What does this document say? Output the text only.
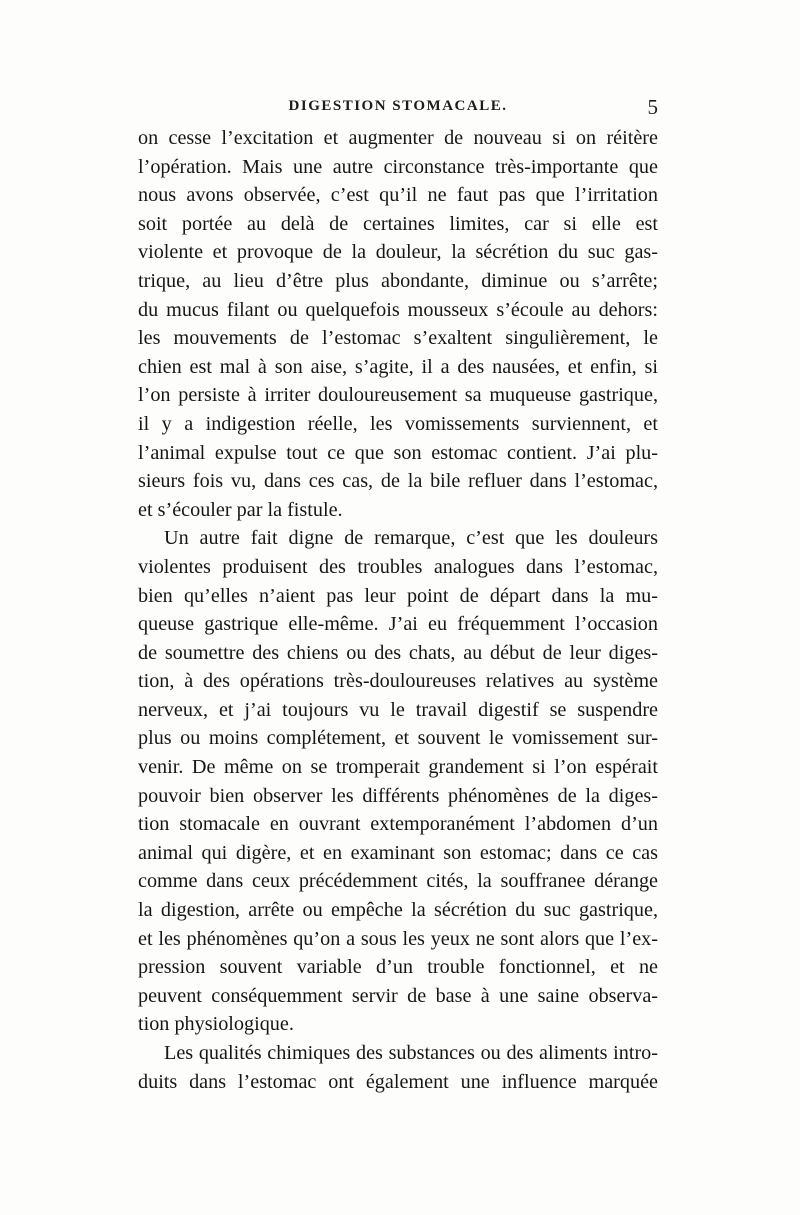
DIGESTION STOMACALE.	5
on cesse l’excitation et augmenter de nouveau si on réitère
l’opération. Mais une autre circonstance très-importante que
nous avons observée, c’est qu’il ne faut pas que l’irritation
soit portée au delà de certaines limites, car si elle est
violente et provoque de la douleur, la sécrétion du suc gas-
trique, au lieu d’être plus abondante, diminue ou s’arrête;
du mucus filant ou quelquefois mousseux s’écoule au dehors:
les mouvements de l’estomac s’exaltent singulièrement, le
chien est mal à son aise, s’agite, il a des nausées, et enfin, si
l’on persiste à irriter douloureusement sa muqueuse gastrique,
il y a indigestion réelle, les vomissements surviennent, et
l’animal expulse tout ce que son estomac contient. J’ai plu-
sieurs fois vu, dans ces cas, de la bile refluer dans l’estomac,
et s’écouler par la fistule.
Un autre fait digne de remarque, c’est que les douleurs
violentes produisent des troubles analogues dans l’estomac,
bien qu’elles n’aient pas leur point de départ dans la mu-
queuse gastrique elle-même. J’ai eu fréquemment l’occasion
de soumettre des chiens ou des chats, au début de leur diges-
tion, à des opérations très-douloureuses relatives au système
nerveux, et j’ai toujours vu le travail digestif se suspendre
plus ou moins complétement, et souvent le vomissement sur-
venir. De même on se tromperait grandement si l’on espérait
pouvoir bien observer les différents phénomènes de la diges-
tion stomacale en ouvrant extemporanément l’abdomen d’un
animal qui digère, et en examinant son estomac; dans ce cas
comme dans ceux précédemment cités, la souffranee dérange
la digestion, arrête ou empêche la sécrétion du suc gastrique,
et les phénomènes qu’on a sous les yeux ne sont alors que l’ex-
pression souvent variable d’un trouble fonctionnel, et ne
peuvent conséquemment servir de base à une saine observa-
tion physiologique.
Les qualités chimiques des substances ou des aliments intro-
duits dans l’estomac ont également une influence marquée
